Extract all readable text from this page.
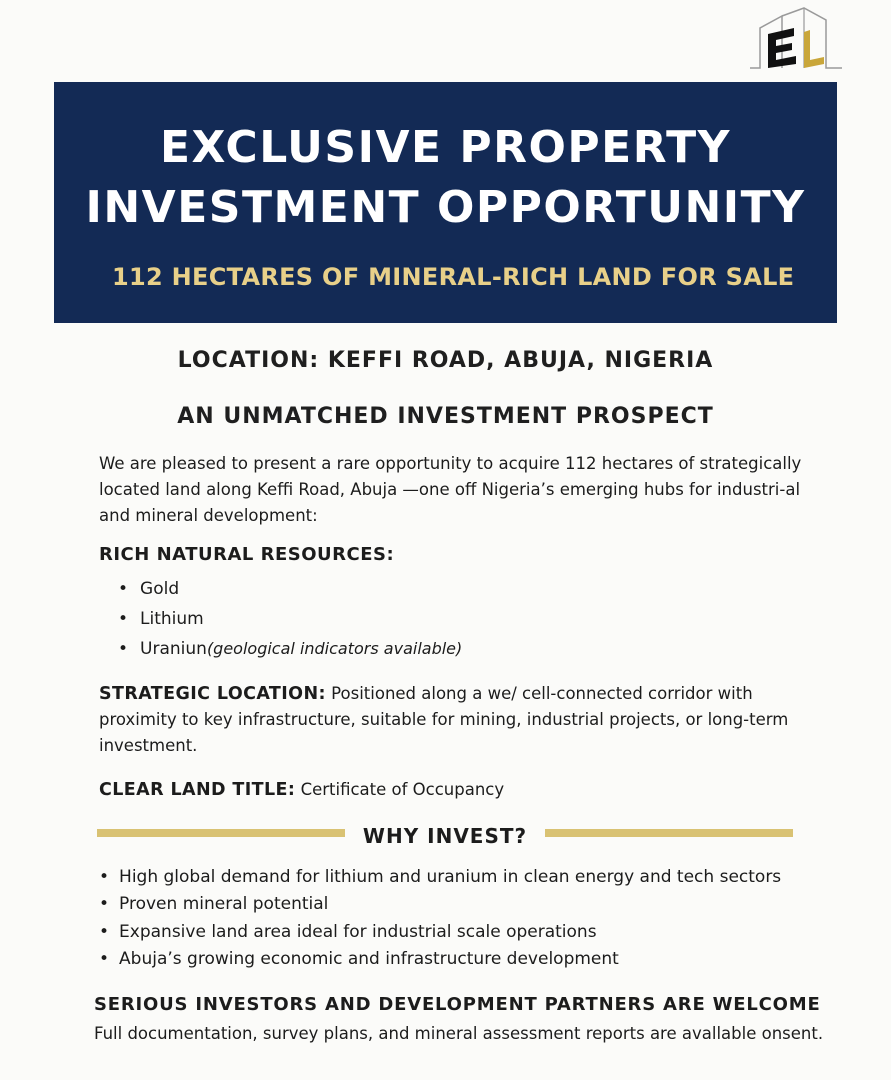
EXCLUSIVE PROPERTY
INVESTMENT OPPORTUNITY
112 HECTARES OF MINERAL-RICH LAND FOR SALE
LOCATION: KEFFI ROAD, ABUJA, NIGERIA
AN UNMATCHED INVESTMENT PROSPECT

We are pleased to present a rare opportunity to acquire 112 hectares of strategically located land along Keffi Road, Abuja —one off Nigeria’s emerging hubs for industri-al and mineral development:

RICH NATURAL RESOURCES:
• Gold
• Lithium
• Uraniun(geological indicators available)

STRATEGIC LOCATION: Positioned along a we/ cell-connected corridor with proximity to key infrastructure, suitable for mining, industrial projects, or long-term investment.

CLEAR LAND TITLE: Certificate of Occupancy

WHY INVEST?
• High global demand for lithium and uranium in clean energy and tech sectors
• Proven mineral potential
• Expansive land area ideal for industrial scale operations
• Abuja’s growing economic and infrastructure development
SERIOUS INVESTORS AND DEVELOPMENT PARTNERS ARE WELCOME

Full documentation, survey plans, and mineral assessment reports are avallable onsent.
